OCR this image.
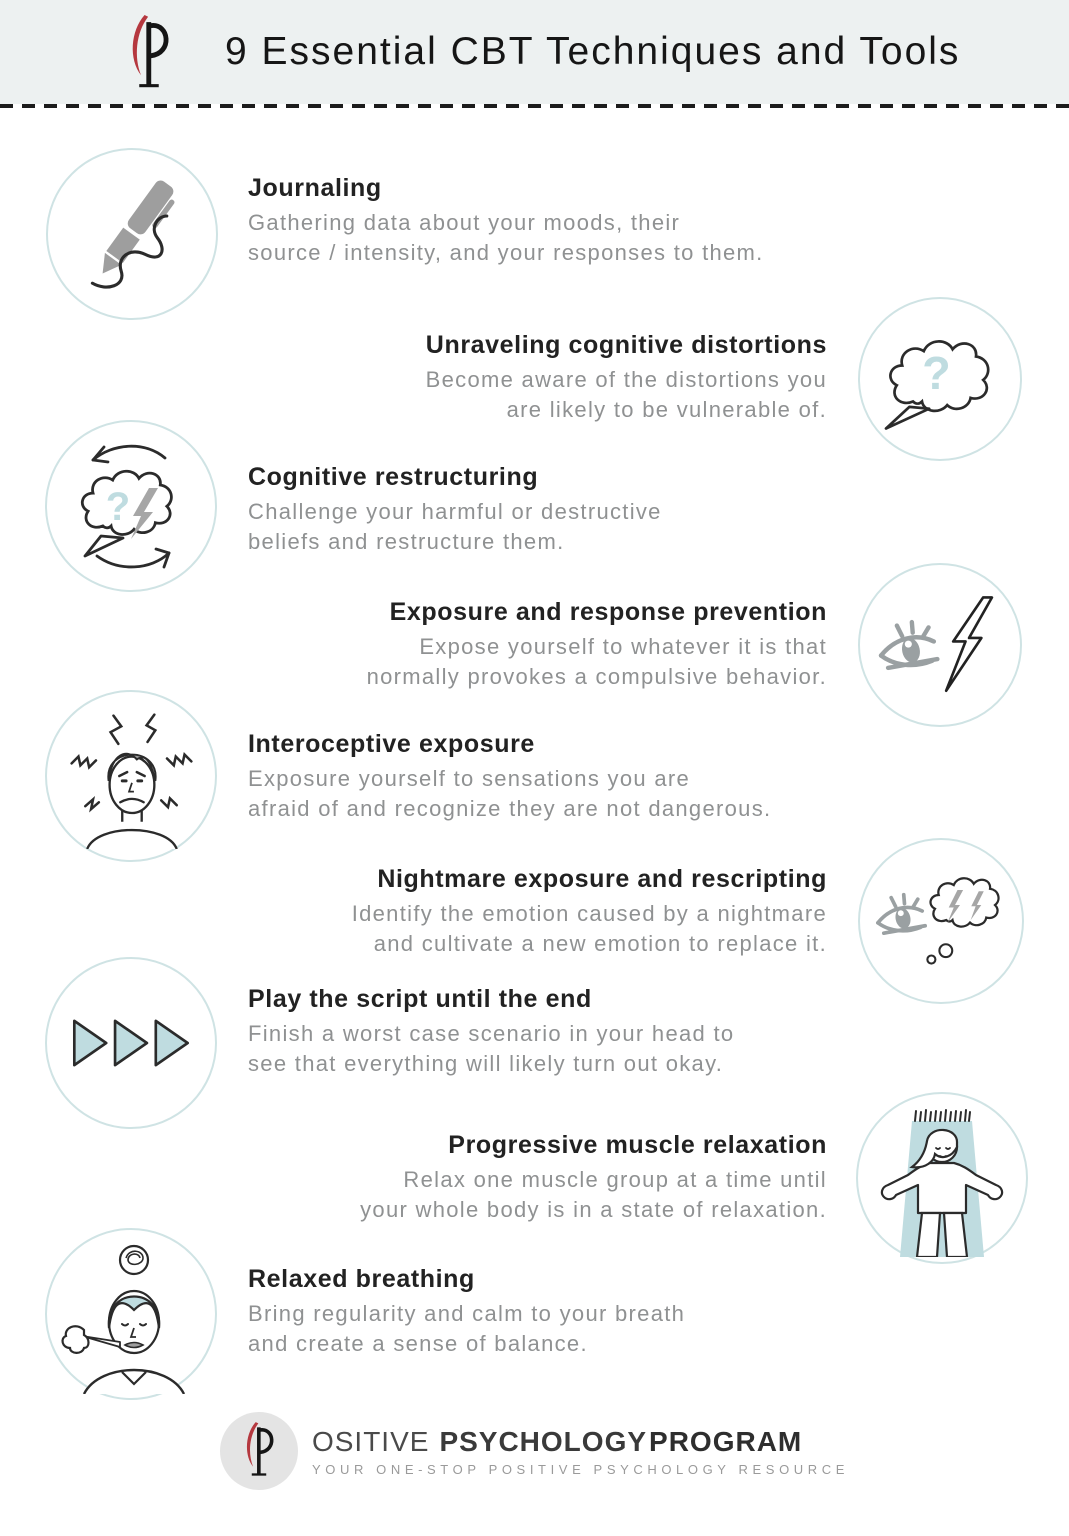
9 Essential CBT Techniques and Tools

Journaling

Gathering data about your moods, their

source / intensity, and your responses to them.

Unraveling cognitive distortions

Become aware of the distortions you

are likely to be vulnerable of.

?
?

Cognitive restructuring

Challenge your harmful or destructive

beliefs and restructure them.

Exposure and response prevention

Expose yourself to whatever it is that

normally provokes a compulsive behavior.

Interoceptive exposure

Exposure yourself to sensations you are

afraid of and recognize they are not dangerous.

Nightmare exposure and rescripting

Identify the emotion caused by a nightmare

and cultivate a new emotion to replace it.

Play the script until the end

Finish a worst case scenario in your head to

see that everything will likely turn out okay.

Progressive muscle relaxation

Relax one muscle group at a time until

your whole body is in a state of relaxation.

Relaxed breathing

Bring regularity and calm to your breath

and create a sense of balance.

OSITIVE PSYCHOLOGYPROGRAM
YOUR ONE-STOP POSITIVE PSYCHOLOGY RESOURCE
